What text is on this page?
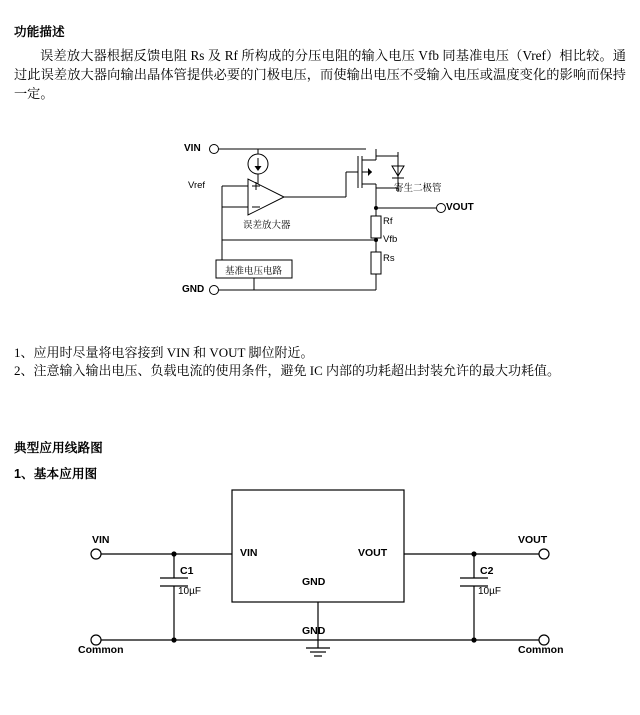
功能描述
误差放大器根据反馈电阻 Rs 及 Rf 所构成的分压电阻的输入电压 Vfb 同基准电压（Vref）相比较。通过此误差放大器向输出晶体管提供必要的门极电压，而使输出电压不受输入电压或温度变化的影响而保持一定。
VIN
Vref
误差放大器
基准电压电路
寄生二极管
VOUT
Rf
Vfb
Rs
GND
1、应用时尽量将电容接到 VIN 和 VOUT 脚位附近。
2、注意输入输出电压、负载电流的使用条件，避免 IC 内部的功耗超出封装允许的最大功耗值。
典型应用线路图
1、基本应用图
VIN
VIN	VOUT
GND
VOUT
C1
10µF
C2
10µF
GND
Common	Common
